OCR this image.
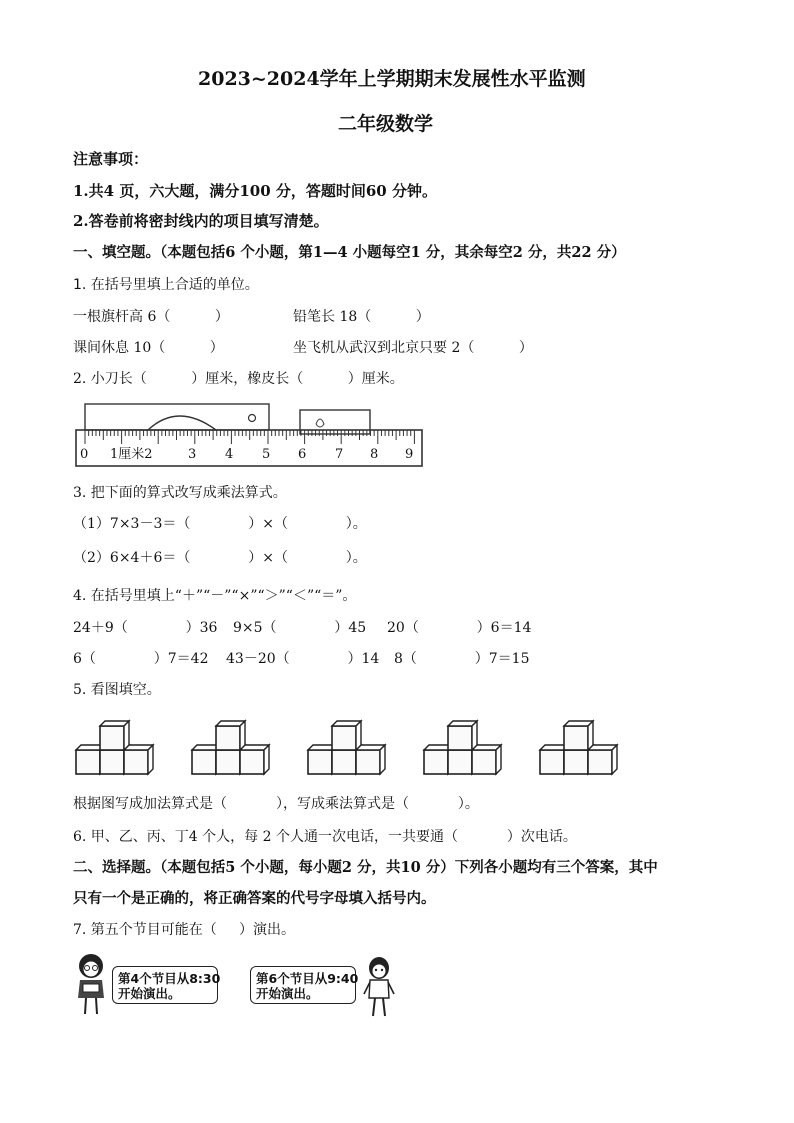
2023~2024学年上学期期末发展性水平监测
二年级数学
注意事项：
1.共4 页，六大题，满分100 分，答题时间60 分钟。
2.答卷前将密封线内的项目填写清楚。
一、填空题。（本题包括6 个小题，第1—4 小题每空1 分，其余每空2 分，共22 分）
1. 在括号里填上合适的单位。
一根旗杆高 6（          ）	铅笔长 18（          ）
课间休息 10（          ）	坐飞机从武汉到北京只要 2（          ）
2. 小刀长（          ）厘米，橡皮长（          ）厘米。
0 1厘米2	3 4 5 6 7 8 9
3. 把下面的算式改写成乘法算式。
（1）7×3－3＝（             ）×（             ）。
（2）6×4＋6＝（             ）×（             ）。
4. 在括号里填上“＋”“－”“×”“＞”“＜”“＝”。
24＋9（             ）36 9×5（             ）45 20（             ）6＝14
6（             ）7＝42 43－20（             ）14 8（             ）7＝15
5. 看图填空。
根据图写成加法算式是（           ），写成乘法算式是（           ）。
6. 甲、乙、丙、丁4 个人，每 2 个人通一次电话，一共要通（           ）次电话。
二、选择题。（本题包括5 个小题，每小题2 分，共10 分）下列各小题均有三个答案，其中
只有一个是正确的，将正确答案的代号字母填入括号内。
7. 第五个节目可能在（     ）演出。
第4个节目从8:30
开始演出。
第6个节目从9:40
开始演出。
